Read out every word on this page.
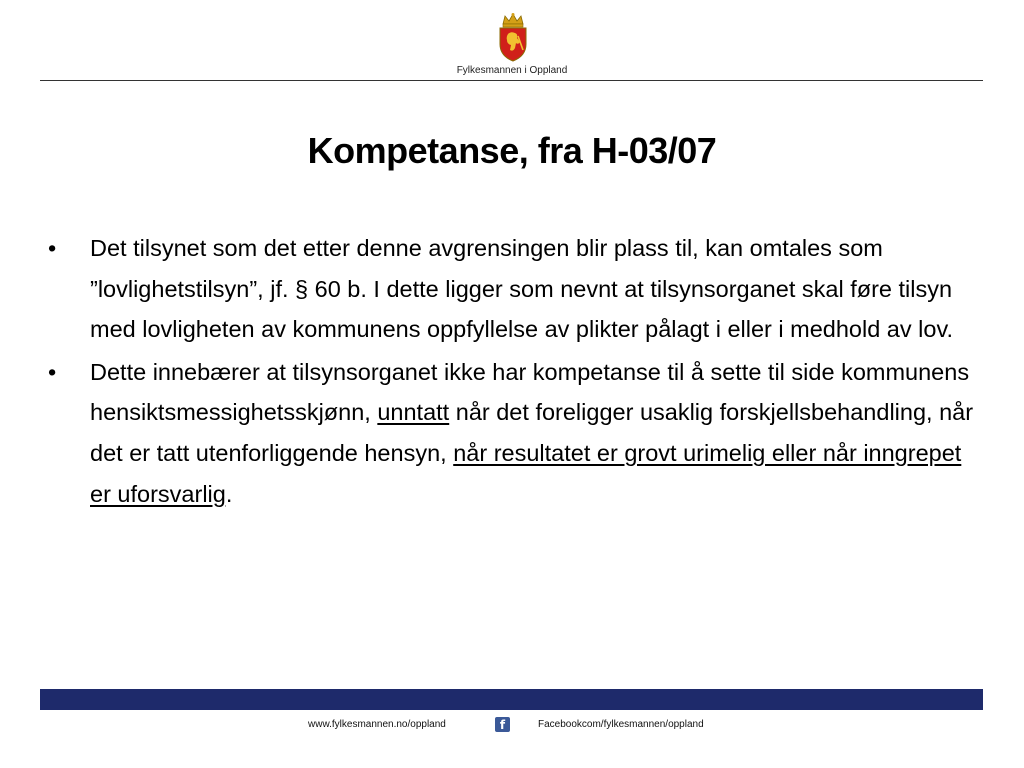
Fylkesmannen i Oppland
Kompetanse, fra H-03/07
• Det tilsynet som det etter denne avgrensingen blir plass til, kan omtales som ”lovlighetstilsyn”, jf. § 60 b. I dette ligger som nevnt at tilsynsorganet skal føre tilsyn med lovligheten av kommunens oppfyllelse av plikter pålagt i eller i medhold av lov.
• Dette innebærer at tilsynsorganet ikke har kompetanse til å sette til side kommunens hensiktsmessighetsskjønn, unntatt når det foreligger usaklig forskjellsbehandling, når det er tatt utenforliggende hensyn, når resultatet er grovt urimelig eller når inngrepet er uforsvarlig.
www.fylkesmannen.no/oppland	f	Facebookcom/fylkesmannen/oppland
